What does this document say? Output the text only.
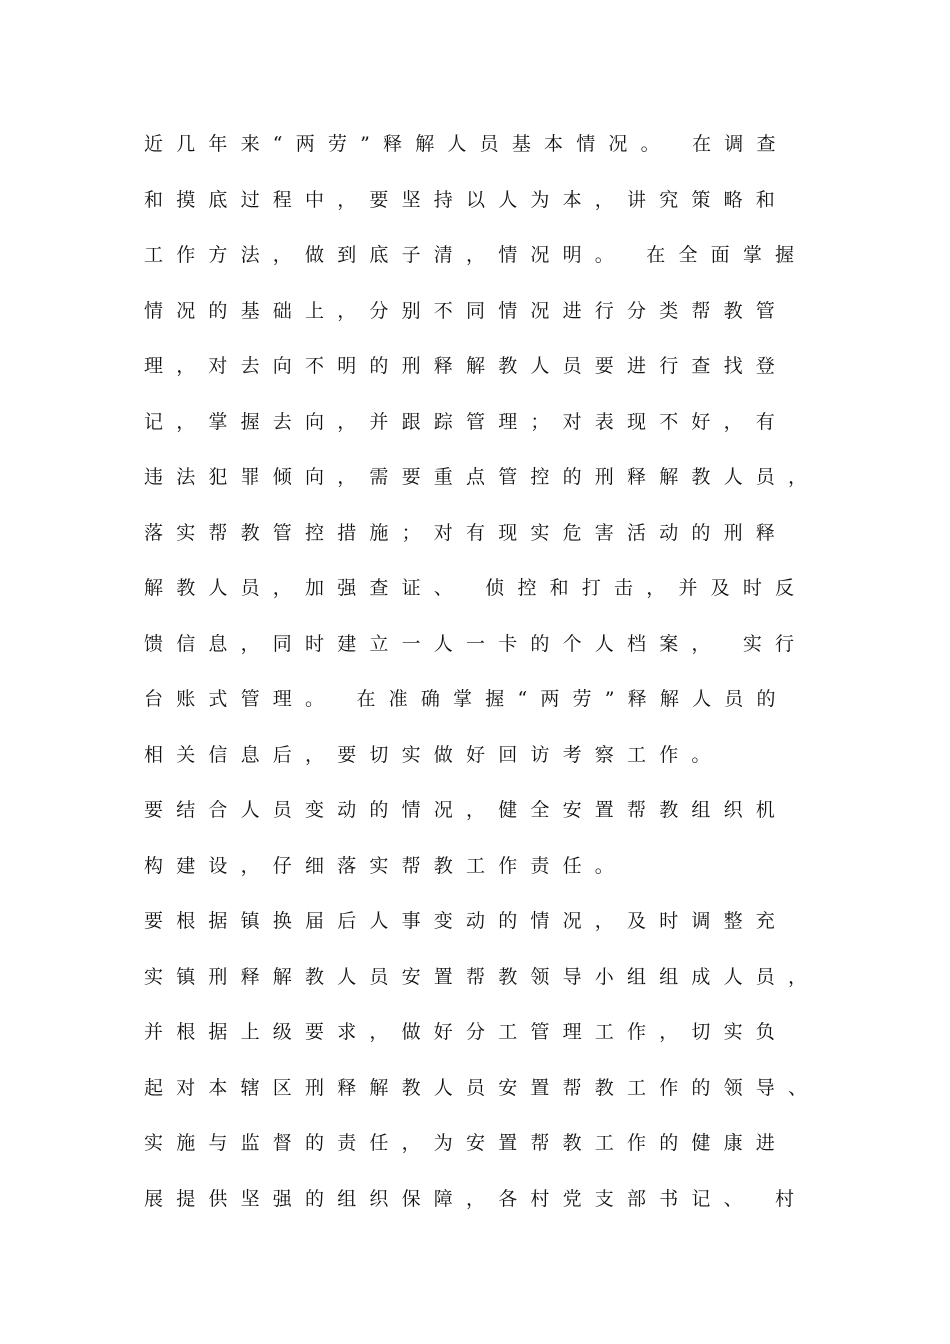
近几年来“两劳”释解人员基本情况。 在调查
和摸底过程中，要坚持以人为本，讲究策略和
工作方法，做到底子清，情况明。 在全面掌握
情况的基础上，分别不同情况进行分类帮教管
理，对去向不明的刑释解教人员要进行查找登
记，掌握去向，并跟踪管理；对表现不好，有
违法犯罪倾向，需要重点管控的刑释解教人员，
落实帮教管控措施；对有现实危害活动的刑释
解教人员，加强查证、 侦控和打击，并及时反
馈信息，同时建立一人一卡的个人档案， 实行
台账式管理。 在准确掌握“两劳”释解人员的
相关信息后，要切实做好回访考察工作。
要结合人员变动的情况，健全安置帮教组织机
构建设，仔细落实帮教工作责任。
要根据镇换届后人事变动的情况，及时调整充
实镇刑释解教人员安置帮教领导小组组成人员，
并根据上级要求，做好分工管理工作，切实负
起对本辖区刑释解教人员安置帮教工作的领导、
实施与监督的责任，为安置帮教工作的健康进
展提供坚强的组织保障，各村党支部书记、 村
